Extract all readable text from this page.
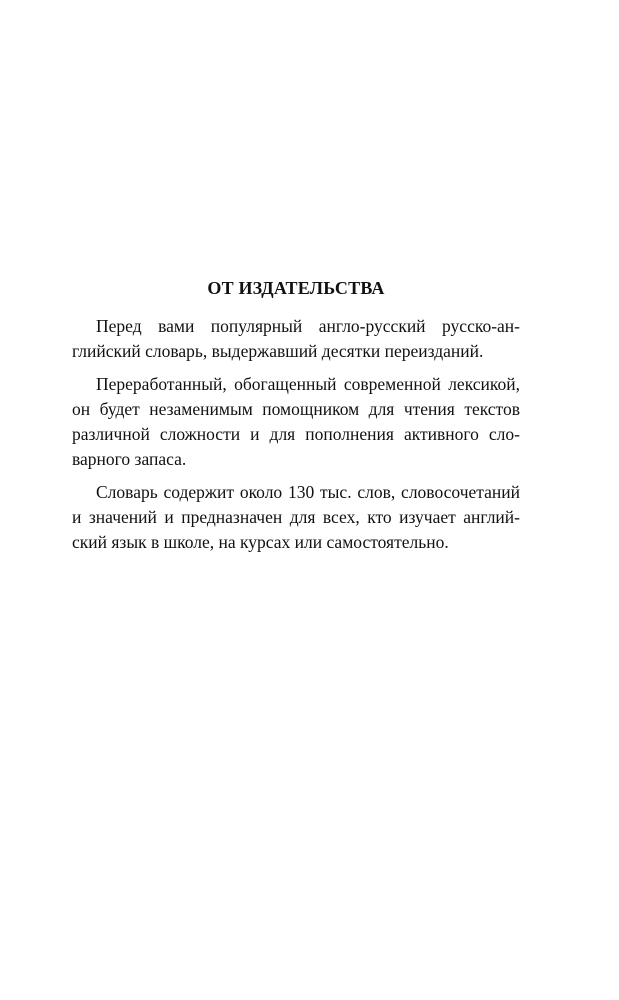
ОТ ИЗДАТЕЛЬСТВА

Перед вами популярный англо-русский русско-ан-
глийский словарь, выдержавший десятки переизданий.

Переработанный, обогащенный современной лексикой,
он будет незаменимым помощником для чтения текстов
различной сложности и для пополнения активного сло-
варного запаса.

Словарь содержит около 130 тыс. слов, словосочетаний
и значений и предназначен для всех, кто изучает англий-
ский язык в школе, на курсах или самостоятельно.
